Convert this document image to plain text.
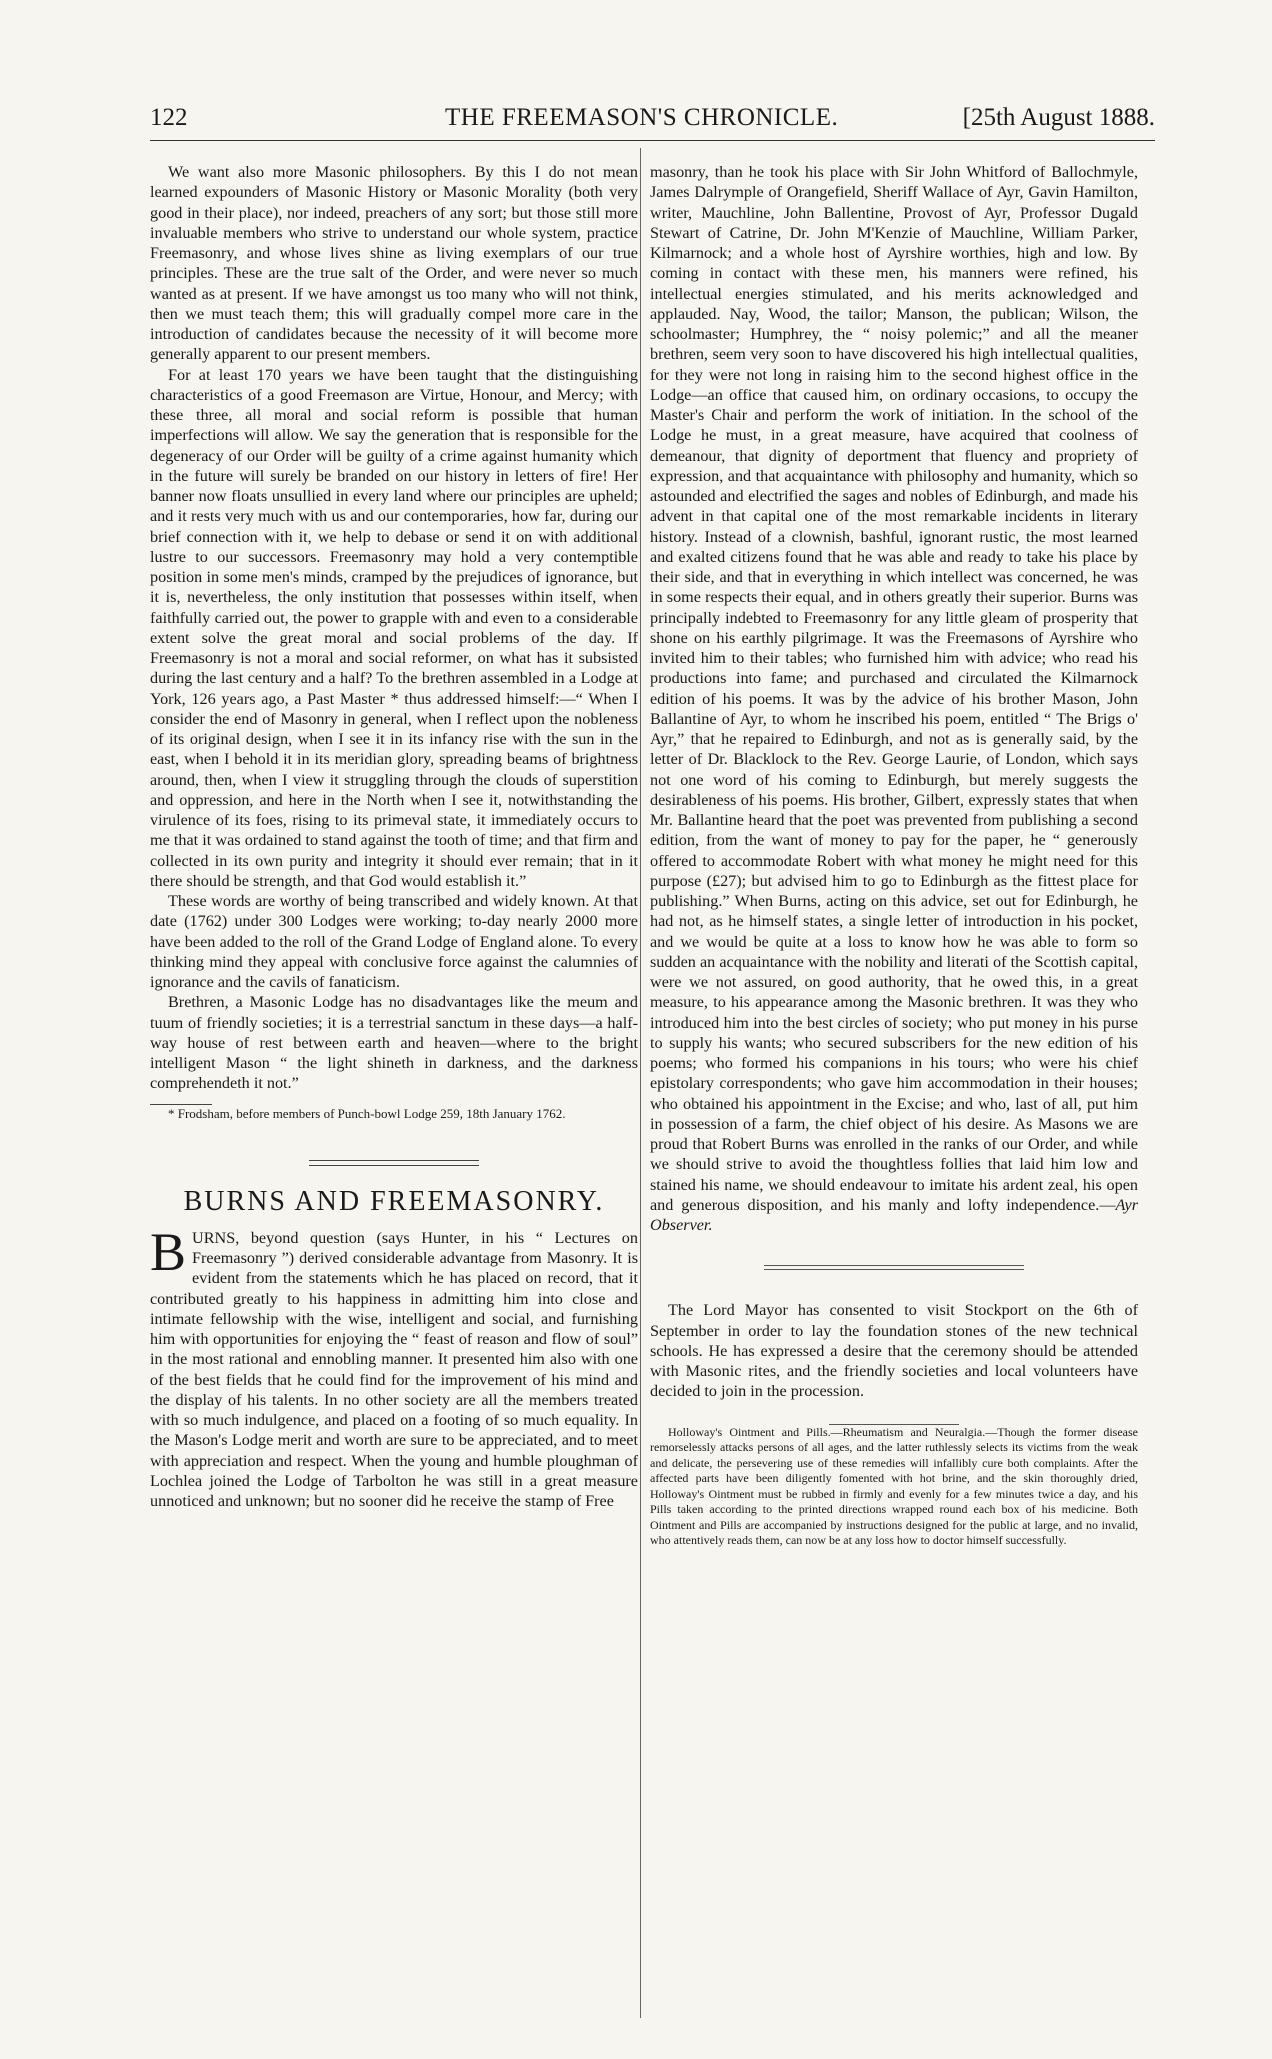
122	THE FREEMASON'S CHRONICLE.	[25th August 1888.

We want also more Masonic philosophers. By this I do not mean learned expounders of Masonic History or Masonic Morality (both very good in their place), nor indeed, preachers of any sort; but those still more invaluable members who strive to understand our whole system, practice Freemasonry, and whose lives shine as living exemplars of our true principles. These are the true salt of the Order, and were never so much wanted as at present. If we have amongst us too many who will not think, then we must teach them; this will gradually compel more care in the introduction of candidates because the necessity of it will become more generally apparent to our present members.

For at least 170 years we have been taught that the distinguishing characteristics of a good Freemason are Virtue, Honour, and Mercy; with these three, all moral and social reform is possible that human imperfections will allow. We say the generation that is responsible for the degeneracy of our Order will be guilty of a crime against humanity which in the future will surely be branded on our history in letters of fire! Her banner now floats unsullied in every land where our principles are upheld; and it rests very much with us and our contemporaries, how far, during our brief connection with it, we help to debase or send it on with additional lustre to our successors. Freemasonry may hold a very contemptible position in some men's minds, cramped by the prejudices of ignorance, but it is, nevertheless, the only institution that possesses within itself, when faithfully carried out, the power to grapple with and even to a considerable extent solve the great moral and social problems of the day. If Freemasonry is not a moral and social reformer, on what has it subsisted during the last century and a half? To the brethren assembled in a Lodge at York, 126 years ago, a Past Master * thus addressed himself:—“ When I consider the end of Masonry in general, when I reflect upon the nobleness of its original design, when I see it in its infancy rise with the sun in the east, when I behold it in its meridian glory, spreading beams of brightness around, then, when I view it struggling through the clouds of superstition and oppression, and here in the North when I see it, notwithstanding the virulence of its foes, rising to its primeval state, it immediately occurs to me that it was ordained to stand against the tooth of time; and that firm and collected in its own purity and integrity it should ever remain; that in it there should be strength, and that God would establish it.”

These words are worthy of being transcribed and widely known. At that date (1762) under 300 Lodges were working; to-day nearly 2000 more have been added to the roll of the Grand Lodge of England alone. To every thinking mind they appeal with conclusive force against the calumnies of ignorance and the cavils of fanaticism.

Brethren, a Masonic Lodge has no disadvantages like the meum and tuum of friendly societies; it is a terrestrial sanctum in these days—a half-way house of rest between earth and heaven—where to the bright intelligent Mason “ the light shineth in darkness, and the darkness comprehendeth it not.”

* Frodsham, before members of Punch-bowl Lodge 259, 18th January 1762.

BURNS AND FREEMASONRY.

BURNS, beyond question (says Hunter, in his “ Lectures on Freemasonry ”) derived considerable advantage from Masonry. It is evident from the statements which he has placed on record, that it contributed greatly to his happiness in admitting him into close and intimate fellowship with the wise, intelligent and social, and furnishing him with opportunities for enjoying the “ feast of reason and flow of soul” in the most rational and ennobling manner. It presented him also with one of the best fields that he could find for the improvement of his mind and the display of his talents. In no other society are all the members treated with so much indulgence, and placed on a footing of so much equality. In the Mason's Lodge merit and worth are sure to be appreciated, and to meet with appreciation and respect. When the young and humble ploughman of Lochlea joined the Lodge of Tarbolton he was still in a great measure unnoticed and unknown; but no sooner did he receive the stamp of Free

masonry, than he took his place with Sir John Whitford of Ballochmyle, James Dalrymple of Orangefield, Sheriff Wallace of Ayr, Gavin Hamilton, writer, Mauchline, John Ballentine, Provost of Ayr, Professor Dugald Stewart of Catrine, Dr. John M'Kenzie of Mauchline, William Parker, Kilmarnock; and a whole host of Ayrshire worthies, high and low. By coming in contact with these men, his manners were refined, his intellectual energies stimulated, and his merits acknowledged and applauded. Nay, Wood, the tailor; Manson, the publican; Wilson, the schoolmaster; Humphrey, the “ noisy polemic;” and all the meaner brethren, seem very soon to have discovered his high intellectual qualities, for they were not long in raising him to the second highest office in the Lodge—an office that caused him, on ordinary occasions, to occupy the Master's Chair and perform the work of initiation. In the school of the Lodge he must, in a great measure, have acquired that coolness of demeanour, that dignity of deportment that fluency and propriety of expression, and that acquaintance with philosophy and humanity, which so astounded and electrified the sages and nobles of Edinburgh, and made his advent in that capital one of the most remarkable incidents in literary history. Instead of a clownish, bashful, ignorant rustic, the most learned and exalted citizens found that he was able and ready to take his place by their side, and that in everything in which intellect was concerned, he was in some respects their equal, and in others greatly their superior. Burns was principally indebted to Freemasonry for any little gleam of prosperity that shone on his earthly pilgrimage. It was the Freemasons of Ayrshire who invited him to their tables; who furnished him with advice; who read his productions into fame; and purchased and circulated the Kilmarnock edition of his poems. It was by the advice of his brother Mason, John Ballantine of Ayr, to whom he inscribed his poem, entitled “ The Brigs o' Ayr,” that he repaired to Edinburgh, and not as is generally said, by the letter of Dr. Blacklock to the Rev. George Laurie, of London, which says not one word of his coming to Edinburgh, but merely suggests the desirableness of his poems. His brother, Gilbert, expressly states that when Mr. Ballantine heard that the poet was prevented from publishing a second edition, from the want of money to pay for the paper, he “ generously offered to accommodate Robert with what money he might need for this purpose (£27); but advised him to go to Edinburgh as the fittest place for publishing.” When Burns, acting on this advice, set out for Edinburgh, he had not, as he himself states, a single letter of introduction in his pocket, and we would be quite at a loss to know how he was able to form so sudden an acquaintance with the nobility and literati of the Scottish capital, were we not assured, on good authority, that he owed this, in a great measure, to his appearance among the Masonic brethren. It was they who introduced him into the best circles of society; who put money in his purse to supply his wants; who secured subscribers for the new edition of his poems; who formed his companions in his tours; who were his chief epistolary correspondents; who gave him accommodation in their houses; who obtained his appointment in the Excise; and who, last of all, put him in possession of a farm, the chief object of his desire. As Masons we are proud that Robert Burns was enrolled in the ranks of our Order, and while we should strive to avoid the thoughtless follies that laid him low and stained his name, we should endeavour to imitate his ardent zeal, his open and generous disposition, and his manly and lofty independence.—Ayr Observer.

The Lord Mayor has consented to visit Stockport on the 6th of September in order to lay the foundation stones of the new technical schools. He has expressed a desire that the ceremony should be attended with Masonic rites, and the friendly societies and local volunteers have decided to join in the procession.

Holloway's Ointment and Pills.—Rheumatism and Neuralgia.—Though the former disease remorselessly attacks persons of all ages, and the latter ruthlessly selects its victims from the weak and delicate, the persevering use of these remedies will infallibly cure both complaints. After the affected parts have been diligently fomented with hot brine, and the skin thoroughly dried, Holloway's Ointment must be rubbed in firmly and evenly for a few minutes twice a day, and his Pills taken according to the printed directions wrapped round each box of his medicine. Both Ointment and Pills are accompanied by instructions designed for the public at large, and no invalid, who attentively reads them, can now be at any loss how to doctor himself successfully.
